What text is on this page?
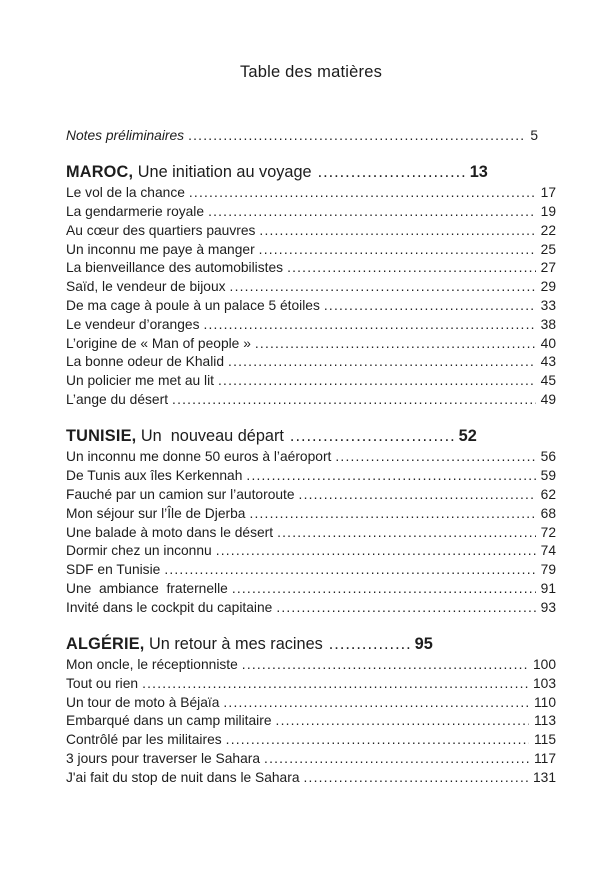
Table des matières
Notes préliminaires .....	5
MAROC, Une initiation au voyage ........................... 13
Le vol de la chance .....	17
La gendarmerie royale .....	19
Au cœur des quartiers pauvres .....	22
Un inconnu me paye à manger .....	25
La bienveillance des automobilistes .....	27
Saïd, le vendeur de bijoux .....	29
De ma cage à poule à un palace 5 étoiles .....	33
Le vendeur d’oranges .....	38
L’origine de « Man of people » .....	40
La bonne odeur de Khalid .....	43
Un policier me met au lit .....	45
L’ange du désert .....	49
TUNISIE, Un  nouveau départ .............................. 52
Un inconnu me donne 50 euros à l’aéroport .....	56
De Tunis aux îles Kerkennah .....	59
Fauché par un camion sur l’autoroute .....	62
Mon séjour sur l’Île de Djerba .....	68
Une balade à moto dans le désert .....	72
Dormir chez un inconnu .....	74
SDF en Tunisie .....	79
Une  ambiance  fraternelle .....	91
Invité dans le cockpit du capitaine .....	93
ALGÉRIE, Un retour à mes racines ............... 95
Mon oncle, le réceptionniste .....	100
Tout ou rien .....	103
Un tour de moto à Béjaïa .....	110
Embarqué dans un camp militaire .....	113
Contrôlé par les militaires .....	115
3 jours pour traverser le Sahara .....	117
J'ai fait du stop de nuit dans le Sahara .....	131
